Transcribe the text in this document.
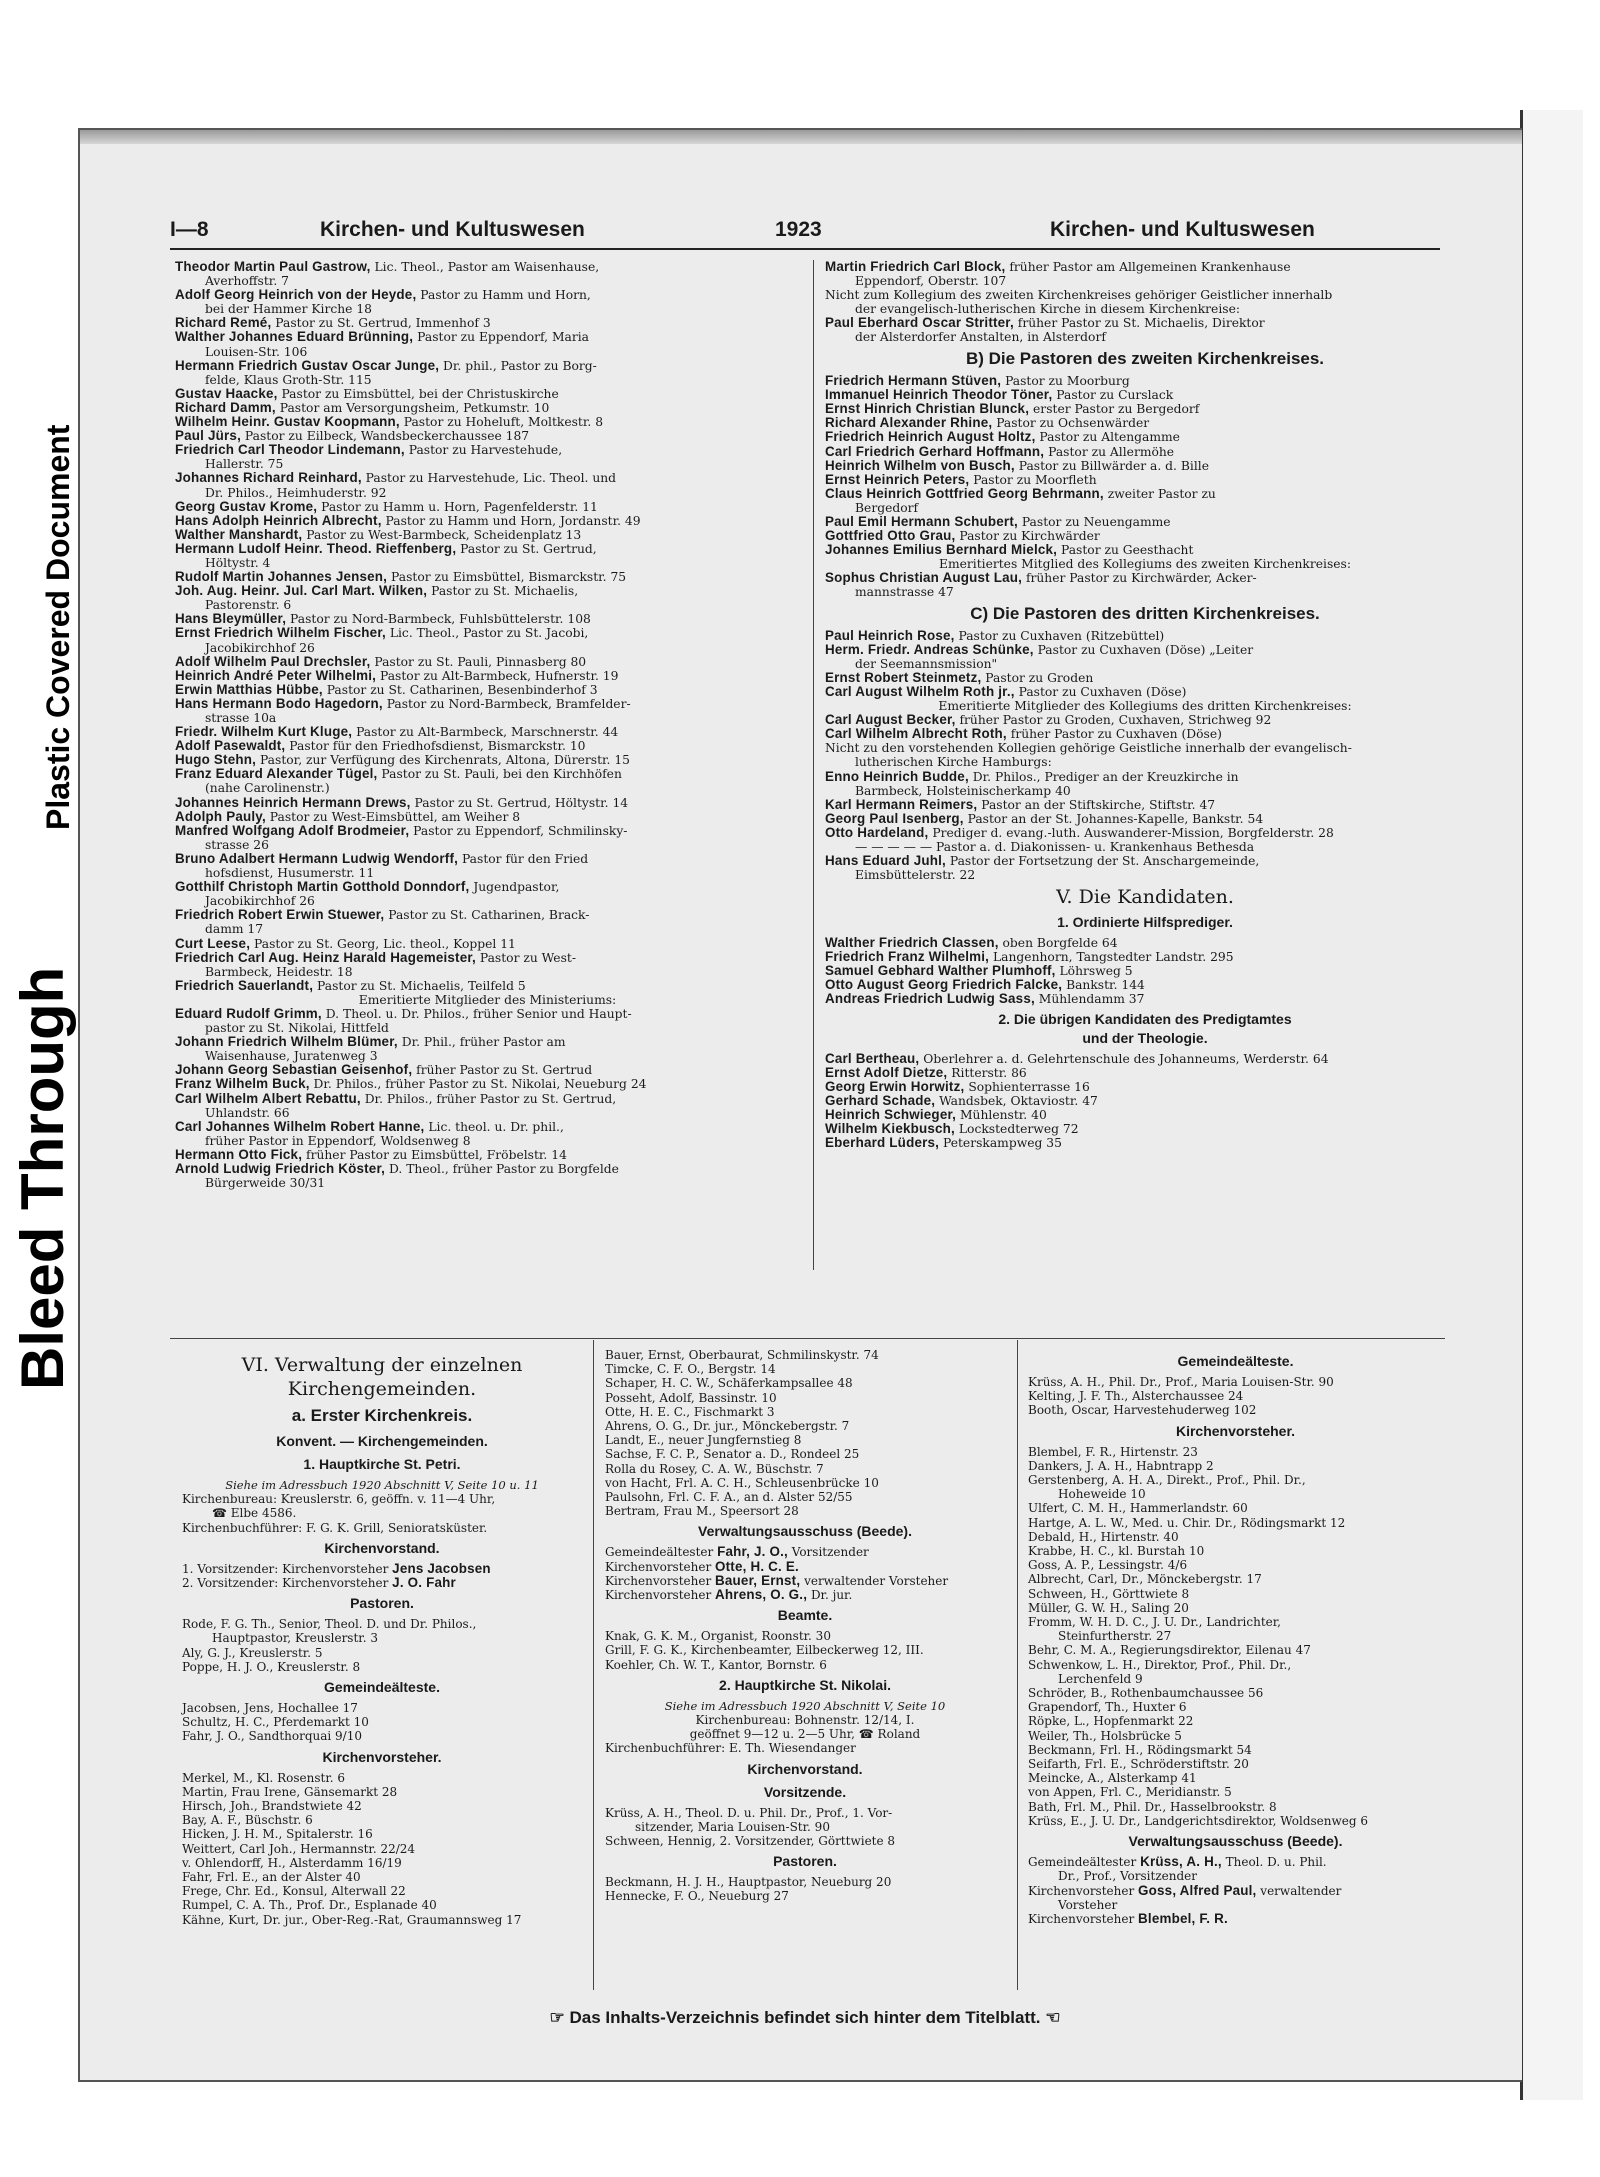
Bleed Through
Plastic Covered Document
I—8	Kirchen- und Kultuswesen	1923	Kirchen- und Kultuswesen

Theodor Martin Paul Gastrow, Lic. Theol., Pastor am Waisenhause,

Averhoffstr. 7

Adolf Georg Heinrich von der Heyde, Pastor zu Hamm und Horn,

bei der Hammer Kirche 18

Richard Remé, Pastor zu St. Gertrud, Immenhof 3

Walther Johannes Eduard Brünning, Pastor zu Eppendorf, Maria

Louisen-Str. 106

Hermann Friedrich Gustav Oscar Junge, Dr. phil., Pastor zu Borg-

felde, Klaus Groth-Str. 115

Gustav Haacke, Pastor zu Eimsbüttel, bei der Christuskirche

Richard Damm, Pastor am Versorgungsheim, Petkumstr. 10

Wilhelm Heinr. Gustav Koopmann, Pastor zu Hoheluft, Moltkestr. 8

Paul Jürs, Pastor zu Eilbeck, Wandsbeckerchaussee 187

Friedrich Carl Theodor Lindemann, Pastor zu Harvestehude,

Hallerstr. 75

Johannes Richard Reinhard, Pastor zu Harvestehude, Lic. Theol. und

Dr. Philos., Heimhuderstr. 92

Georg Gustav Krome, Pastor zu Hamm u. Horn, Pagenfelderstr. 11

Hans Adolph Heinrich Albrecht, Pastor zu Hamm und Horn, Jordanstr. 49

Walther Manshardt, Pastor zu West-Barmbeck, Scheidenplatz 13

Hermann Ludolf Heinr. Theod. Rieffenberg, Pastor zu St. Gertrud,

Höltystr. 4

Rudolf Martin Johannes Jensen, Pastor zu Eimsbüttel, Bismarckstr. 75

Joh. Aug. Heinr. Jul. Carl Mart. Wilken, Pastor zu St. Michaelis,

Pastorenstr. 6

Hans Bleymüller, Pastor zu Nord-Barmbeck, Fuhlsbüttelerstr. 108

Ernst Friedrich Wilhelm Fischer, Lic. Theol., Pastor zu St. Jacobi,

Jacobikirchhof 26

Adolf Wilhelm Paul Drechsler, Pastor zu St. Pauli, Pinnasberg 80

Heinrich André Peter Wilhelmi, Pastor zu Alt-Barmbeck, Hufnerstr. 19

Erwin Matthias Hübbe, Pastor zu St. Catharinen, Besenbinderhof 3

Hans Hermann Bodo Hagedorn, Pastor zu Nord-Barmbeck, Bramfelder-

strasse 10a

Friedr. Wilhelm Kurt Kluge, Pastor zu Alt-Barmbeck, Marschnerstr. 44

Adolf Pasewaldt, Pastor für den Friedhofsdienst, Bismarckstr. 10

Hugo Stehn, Pastor, zur Verfügung des Kirchenrats, Altona, Dürerstr. 15

Franz Eduard Alexander Tügel, Pastor zu St. Pauli, bei den Kirchhöfen

(nahe Carolinenstr.)

Johannes Heinrich Hermann Drews, Pastor zu St. Gertrud, Höltystr. 14

Adolph Pauly, Pastor zu West-Eimsbüttel, am Weiher 8

Manfred Wolfgang Adolf Brodmeier, Pastor zu Eppendorf, Schmilinsky-

strasse 26

Bruno Adalbert Hermann Ludwig Wendorff, Pastor für den Fried

hofsdienst, Husumerstr. 11

Gotthilf Christoph Martin Gotthold Donndorf, Jugendpastor,

Jacobikirchhof 26

Friedrich Robert Erwin Stuewer, Pastor zu St. Catharinen, Brack-

damm 17

Curt Leese, Pastor zu St. Georg, Lic. theol., Koppel 11

Friedrich Carl Aug. Heinz Harald Hagemeister, Pastor zu West-

Barmbeck, Heidestr. 18

Friedrich Sauerlandt, Pastor zu St. Michaelis, Teilfeld 5

Emeritierte Mitglieder des Ministeriums:

Eduard Rudolf Grimm, D. Theol. u. Dr. Philos., früher Senior und Haupt-

pastor zu St. Nikolai, Hittfeld

Johann Friedrich Wilhelm Blümer, Dr. Phil., früher Pastor am

Waisenhause, Juratenweg 3

Johann Georg Sebastian Geisenhof, früher Pastor zu St. Gertrud

Franz Wilhelm Buck, Dr. Philos., früher Pastor zu St. Nikolai, Neueburg 24

Carl Wilhelm Albert Rebattu, Dr. Philos., früher Pastor zu St. Gertrud,

Uhlandstr. 66

Carl Johannes Wilhelm Robert Hanne, Lic. theol. u. Dr. phil.,

früher Pastor in Eppendorf, Woldsenweg 8

Hermann Otto Fick, früher Pastor zu Eimsbüttel, Fröbelstr. 14

Arnold Ludwig Friedrich Köster, D. Theol., früher Pastor zu Borgfelde

Bürgerweide 30/31

Martin Friedrich Carl Block, früher Pastor am Allgemeinen Krankenhause

Eppendorf, Oberstr. 107

Nicht zum Kollegium des zweiten Kirchenkreises gehöriger Geistlicher innerhalb

der evangelisch-lutherischen Kirche in diesem Kirchenkreise:

Paul Eberhard Oscar Stritter, früher Pastor zu St. Michaelis, Direktor

der Alsterdorfer Anstalten, in Alsterdorf

B) Die Pastoren des zweiten Kirchenkreises.

Friedrich Hermann Stüven, Pastor zu Moorburg

Immanuel Heinrich Theodor Töner, Pastor zu Curslack

Ernst Hinrich Christian Blunck, erster Pastor zu Bergedorf

Richard Alexander Rhine, Pastor zu Ochsenwärder

Friedrich Heinrich August Holtz, Pastor zu Altengamme

Carl Friedrich Gerhard Hoffmann, Pastor zu Allermöhe

Heinrich Wilhelm von Busch, Pastor zu Billwärder a. d. Bille

Ernst Heinrich Peters, Pastor zu Moorfleth

Claus Heinrich Gottfried Georg Behrmann, zweiter Pastor zu

Bergedorf

Paul Emil Hermann Schubert, Pastor zu Neuengamme

Gottfried Otto Grau, Pastor zu Kirchwärder

Johannes Emilius Bernhard Mielck, Pastor zu Geesthacht

Emeritiertes Mitglied des Kollegiums des zweiten Kirchenkreises:

Sophus Christian August Lau, früher Pastor zu Kirchwärder, Acker-

mannstrasse 47

C) Die Pastoren des dritten Kirchenkreises.

Paul Heinrich Rose, Pastor zu Cuxhaven (Ritzebüttel)

Herm. Friedr. Andreas Schünke, Pastor zu Cuxhaven (Döse) „Leiter

der Seemannsmission"

Ernst Robert Steinmetz, Pastor zu Groden

Carl August Wilhelm Roth jr., Pastor zu Cuxhaven (Döse)

Emeritierte Mitglieder des Kollegiums des dritten Kirchenkreises:

Carl August Becker, früher Pastor zu Groden, Cuxhaven, Strichweg 92

Carl Wilhelm Albrecht Roth, früher Pastor zu Cuxhaven (Döse)

Nicht zu den vorstehenden Kollegien gehörige Geistliche innerhalb der evangelisch-

lutherischen Kirche Hamburgs:

Enno Heinrich Budde, Dr. Philos., Prediger an der Kreuzkirche in

Barmbeck, Holsteinischerkamp 40

Karl Hermann Reimers, Pastor an der Stiftskirche, Stiftstr. 47

Georg Paul Isenberg, Pastor an der St. Johannes-Kapelle, Bankstr. 54

Otto Hardeland, Prediger d. evang.-luth. Auswanderer-Mission, Borgfelderstr. 28

— — — — — Pastor a. d. Diakonissen- u. Krankenhaus Bethesda

Hans Eduard Juhl, Pastor der Fortsetzung der St. Anschargemeinde,

Eimsbüttelerstr. 22

V. Die Kandidaten.

1. Ordinierte Hilfsprediger.

Walther Friedrich Classen, oben Borgfelde 64

Friedrich Franz Wilhelmi, Langenhorn, Tangstedter Landstr. 295

Samuel Gebhard Walther Plumhoff, Löhrsweg 5

Otto August Georg Friedrich Falcke, Bankstr. 144

Andreas Friedrich Ludwig Sass, Mühlendamm 37

2. Die übrigen Kandidaten des Predigtamtes
und der Theologie.

Carl Bertheau, Oberlehrer a. d. Gelehrtenschule des Johanneums, Werderstr. 64

Ernst Adolf Dietze, Ritterstr. 86

Georg Erwin Horwitz, Sophienterrasse 16

Gerhard Schade, Wandsbek, Oktaviostr. 47

Heinrich Schwieger, Mühlenstr. 40

Wilhelm Kiekbusch, Lockstedterweg 72

Eberhard Lüders, Peterskampweg 35

VI. Verwaltung der einzelnen
Kirchengemeinden.

a. Erster Kirchenkreis.

Konvent. — Kirchengemeinden.

1. Hauptkirche St. Petri.

Siehe im Adressbuch 1920 Abschnitt V, Seite 10 u. 11

Kirchenbureau: Kreuslerstr. 6, geöffn. v. 11—4 Uhr,

☎ Elbe 4586.

Kirchenbuchführer: F. G. K. Grill, Senioratsküster.

Kirchenvorstand.

1. Vorsitzender: Kirchenvorsteher Jens Jacobsen

2. Vorsitzender: Kirchenvorsteher J. O. Fahr

Pastoren.

Rode, F. G. Th., Senior, Theol. D. und Dr. Philos.,

Hauptpastor, Kreuslerstr. 3

Aly, G. J., Kreuslerstr. 5

Poppe, H. J. O., Kreuslerstr. 8

Gemeindeälteste.

Jacobsen, Jens, Hochallee 17

Schultz, H. C., Pferdemarkt 10

Fahr, J. O., Sandthorquai 9/10

Kirchenvorsteher.

Merkel, M., Kl. Rosenstr. 6

Martin, Frau Irene, Gänsemarkt 28

Hirsch, Joh., Brandstwiete 42

Bay, A. F., Büschstr. 6

Hicken, J. H. M., Spitalerstr. 16

Weittert, Carl Joh., Hermannstr. 22/24

v. Ohlendorff, H., Alsterdamm 16/19

Fahr, Frl. E., an der Alster 40

Frege, Chr. Ed., Konsul, Alterwall 22

Rumpel, C. A. Th., Prof. Dr., Esplanade 40

Kähne, Kurt, Dr. jur., Ober-Reg.-Rat, Graumannsweg 17

Bauer, Ernst, Oberbaurat, Schmilinskystr. 74

Timcke, C. F. O., Bergstr. 14

Schaper, H. C. W., Schäferkampsallee 48

Posseht, Adolf, Bassinstr. 10

Otte, H. E. C., Fischmarkt 3

Ahrens, O. G., Dr. jur., Mönckebergstr. 7

Landt, E., neuer Jungfernstieg 8

Sachse, F. C. P., Senator a. D., Rondeel 25

Rolla du Rosey, C. A. W., Büschstr. 7

von Hacht, Frl. A. C. H., Schleusenbrücke 10

Paulsohn, Frl. C. F. A., an d. Alster 52/55

Bertram, Frau M., Speersort 28

Verwaltungsausschuss (Beede).

Gemeindeältester Fahr, J. O., Vorsitzender

Kirchenvorsteher Otte, H. C. E.

Kirchenvorsteher Bauer, Ernst, verwaltender Vorsteher

Kirchenvorsteher Ahrens, O. G., Dr. jur.

Beamte.

Knak, G. K. M., Organist, Roonstr. 30

Grill, F. G. K., Kirchenbeamter, Eilbeckerweg 12, III.

Koehler, Ch. W. T., Kantor, Bornstr. 6

2. Hauptkirche St. Nikolai.

Siehe im Adressbuch 1920 Abschnitt V, Seite 10

Kirchenbureau: Bohnenstr. 12/14, I.

geöffnet 9—12 u. 2—5 Uhr, ☎ Roland

Kirchenbuchführer: E. Th. Wiesendanger

Kirchenvorstand.

Vorsitzende.

Krüss, A. H., Theol. D. u. Phil. Dr., Prof., 1. Vor-

sitzender, Maria Louisen-Str. 90

Schween, Hennig, 2. Vorsitzender, Görttwiete 8

Pastoren.

Beckmann, H. J. H., Hauptpastor, Neueburg 20

Hennecke, F. O., Neueburg 27

Gemeindeälteste.

Krüss, A. H., Phil. Dr., Prof., Maria Louisen-Str. 90

Kelting, J. F. Th., Alsterchaussee 24

Booth, Oscar, Harvestehuderweg 102

Kirchenvorsteher.

Blembel, F. R., Hirtenstr. 23

Dankers, J. A. H., Habntrapp 2

Gerstenberg, A. H. A., Direkt., Prof., Phil. Dr.,

Hoheweide 10

Ulfert, C. M. H., Hammerlandstr. 60

Hartge, A. L. W., Med. u. Chir. Dr., Rödingsmarkt 12

Debald, H., Hirtenstr. 40

Krabbe, H. C., kl. Burstah 10

Goss, A. P., Lessingstr. 4/6

Albrecht, Carl, Dr., Mönckebergstr. 17

Schween, H., Görttwiete 8

Müller, G. W. H., Saling 20

Fromm, W. H. D. C., J. U. Dr., Landrichter,

Steinfurtherstr. 27

Behr, C. M. A., Regierungsdirektor, Eilenau 47

Schwenkow, L. H., Direktor, Prof., Phil. Dr.,

Lerchenfeld 9

Schröder, B., Rothenbaumchaussee 56

Grapendorf, Th., Huxter 6

Röpke, L., Hopfenmarkt 22

Weiler, Th., Holsbrücke 5

Beckmann, Frl. H., Rödingsmarkt 54

Seifarth, Frl. E., Schröderstiftstr. 20

Meincke, A., Alsterkamp 41

von Appen, Frl. C., Meridianstr. 5

Bath, Frl. M., Phil. Dr., Hasselbrookstr. 8

Krüss, E., J. U. Dr., Landgerichtsdirektor, Woldsenweg 6

Verwaltungsausschuss (Beede).

Gemeindeältester Krüss, A. H., Theol. D. u. Phil.

Dr., Prof., Vorsitzender

Kirchenvorsteher Goss, Alfred Paul, verwaltender

Vorsteher

Kirchenvorsteher Blembel, F. R.

☞ Das Inhalts-Verzeichnis befindet sich hinter dem Titelblatt. ☜
